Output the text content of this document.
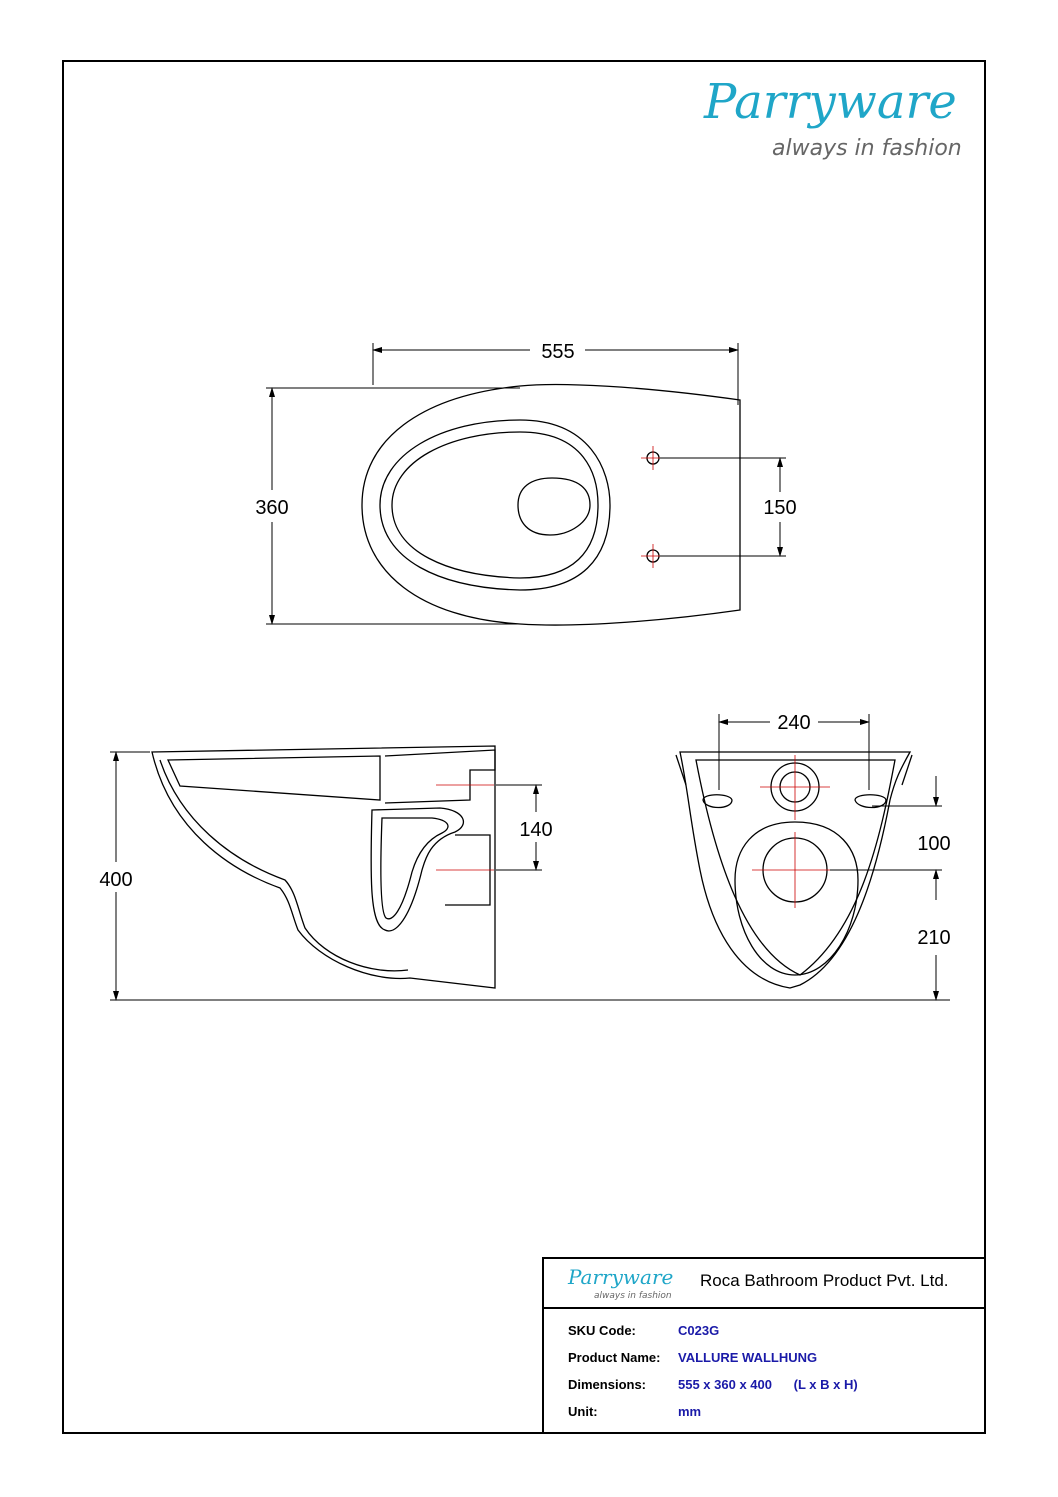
Parryware
always in fashion
555
360	150
400
140
240
100
210
Parryware
always in fashion
Roca Bathroom Product Pvt. Ltd.
SKU Code:	C023G
Product Name: VALLURE WALLHUNG
Dimensions: 555 x 360 x 400      (L x B x H)
Unit:	mm
